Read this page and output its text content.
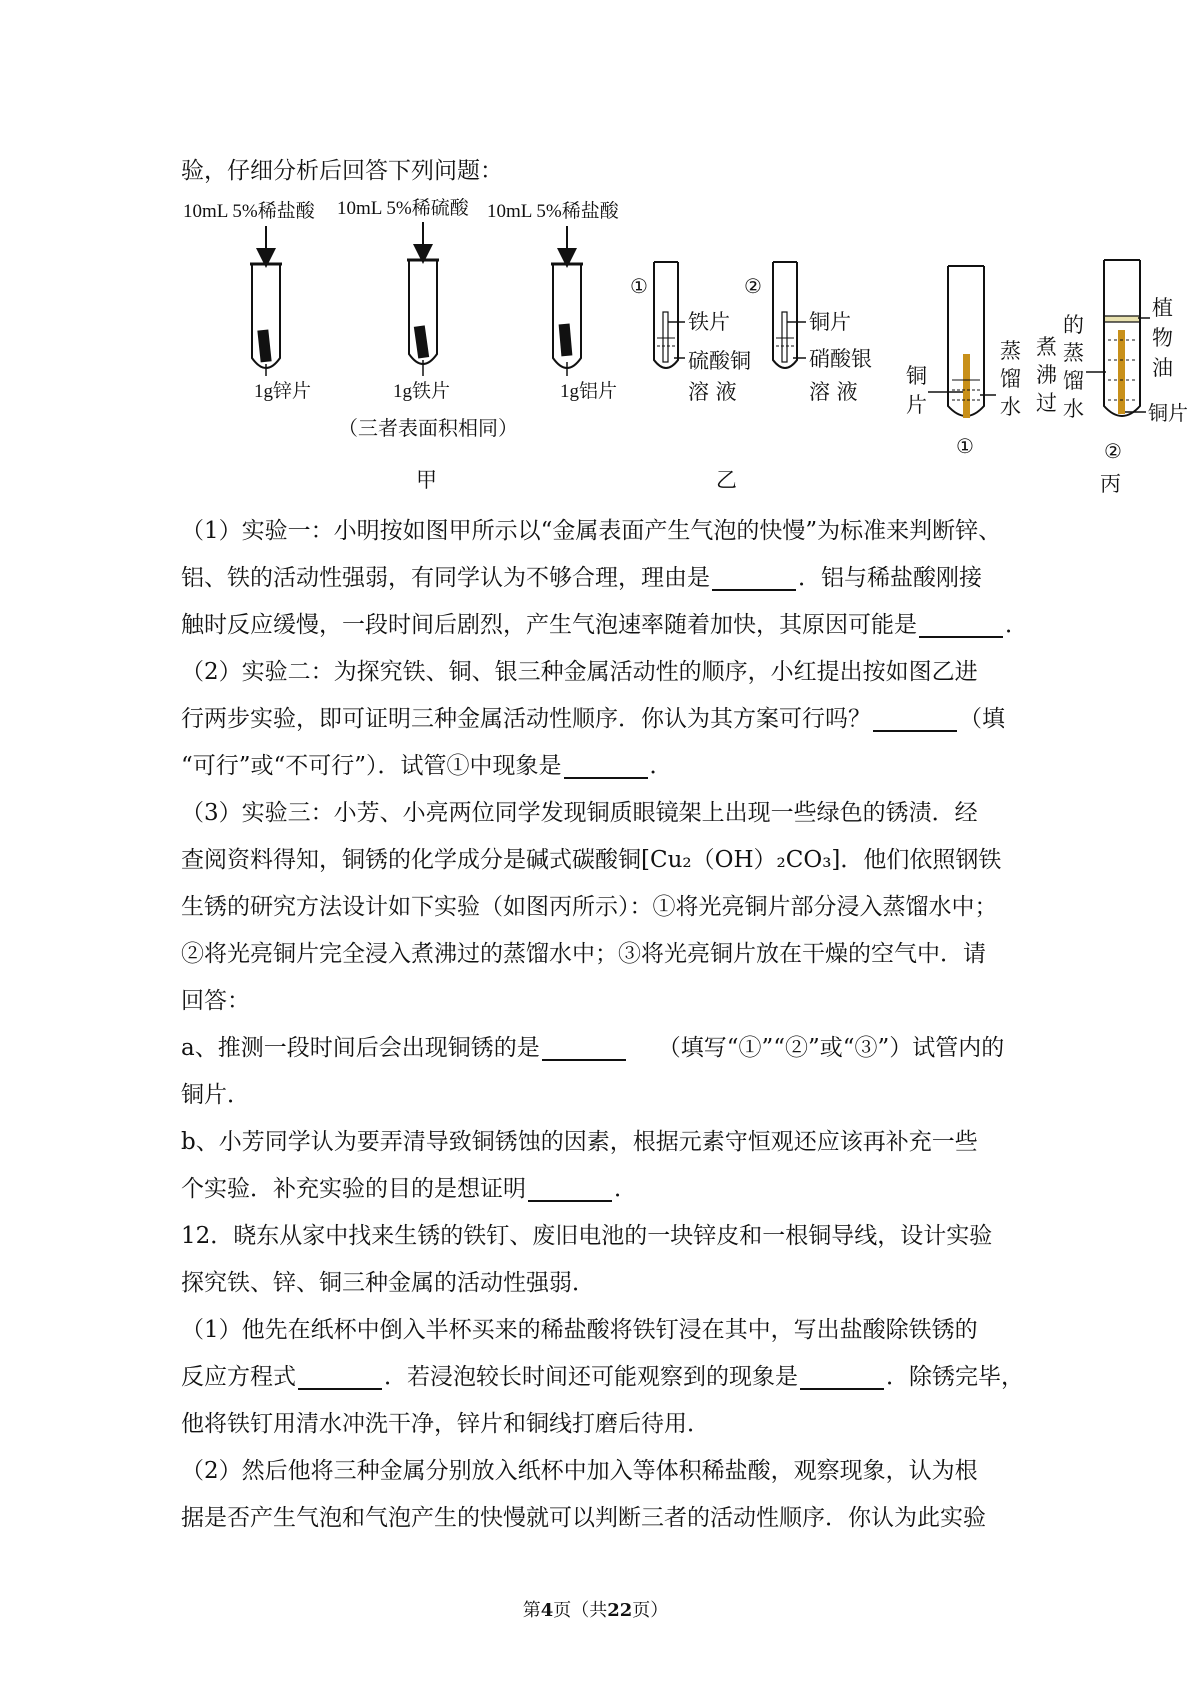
验，仔细分析后回答下列问题：

10mL 5%稀盐酸 10mL 5%稀硫酸 10mL 5%稀盐酸
1g锌片	1g铁片	1g铝片
（三者表面积相同）
甲
①
铁片
硫酸铜
溶 液
②
铜片
硝酸银
溶 液
乙
铜
片
蒸
馏
水
①
煮
沸
过
的
蒸
馏
水
植
物
油
铜片
②
丙

（1）实验一：小明按如图甲所示以“金属表面产生气泡的快慢”为标准来判断锌、

铝、铁的活动性强弱，有同学认为不够合理，理由是	．铝与稀盐酸刚接

触时反应缓慢，一段时间后剧烈，产生气泡速率随着加快，其原因可能是	．

（2）实验二：为探究铁、铜、银三种金属活动性的顺序，小红提出按如图乙进

行两步实验，即可证明三种金属活动性顺序．你认为其方案可行吗？	（填

“可行”或“不可行”）．试管①中现象是	．

（3）实验三：小芳、小亮两位同学发现铜质眼镜架上出现一些绿色的锈渍．经

查阅资料得知，铜锈的化学成分是碱式碳酸铜[Cu₂（OH）₂CO₃]．他们依照钢铁

生锈的研究方法设计如下实验（如图丙所示）：①将光亮铜片部分浸入蒸馏水中；

②将光亮铜片完全浸入煮沸过的蒸馏水中；③将光亮铜片放在干燥的空气中．请

回答：

a、推测一段时间后会出现铜锈的是	（填写“①”“②”或“③”）试管内的

铜片．

b、小芳同学认为要弄清导致铜锈蚀的因素，根据元素守恒观还应该再补充一些

个实验．补充实验的目的是想证明	．

12．晓东从家中找来生锈的铁钉、废旧电池的一块锌皮和一根铜导线，设计实验

探究铁、锌、铜三种金属的活动性强弱．

（1）他先在纸杯中倒入半杯买来的稀盐酸将铁钉浸在其中，写出盐酸除铁锈的

反应方程式	．若浸泡较长时间还可能观察到的现象是	．除锈完毕，

他将铁钉用清水冲洗干净，锌片和铜线打磨后待用．

（2）然后他将三种金属分别放入纸杯中加入等体积稀盐酸，观察现象，认为根

据是否产生气泡和气泡产生的快慢就可以判断三者的活动性顺序．你认为此实验

第4页（共22页）
